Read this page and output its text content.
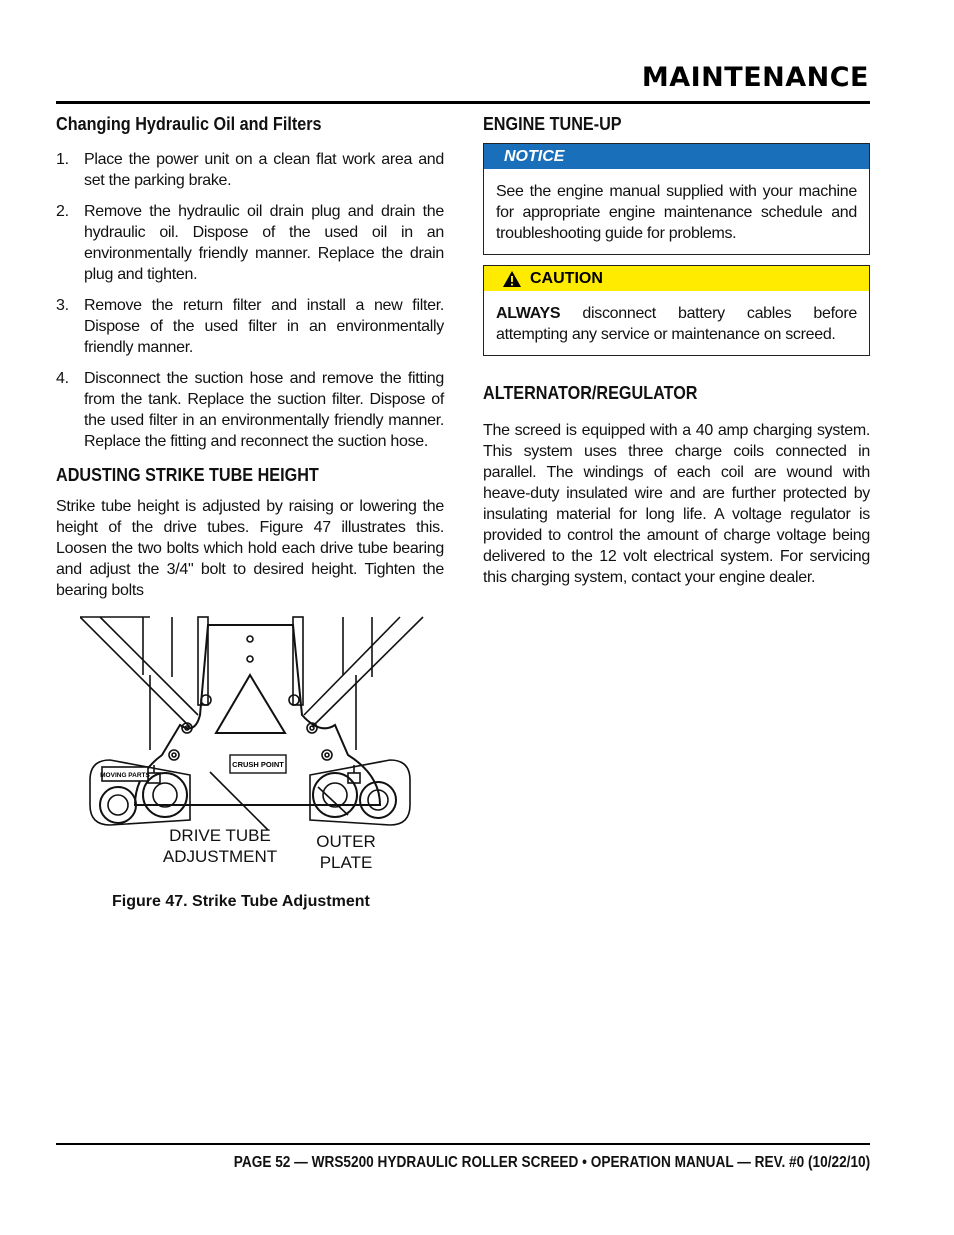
MAINTENANCE
Changing Hydraulic Oil and Filters
1. Place the power unit on a clean flat work area and set the parking brake.
2. Remove the hydraulic oil drain plug and drain the hydraulic oil. Dispose of the used oil in an environmentally friendly manner. Replace the drain plug and tighten.
3. Remove the return filter and install a new filter. Dispose of the used filter in an environmentally friendly manner.
4. Disconnect the suction hose and remove the fitting from the tank. Replace the suction filter. Dispose of the used filter in an environmentally friendly manner. Replace the fitting and reconnect the suction hose.
ADUSTING STRIKE TUBE HEIGHT

Strike tube height is adjusted by raising or lowering the height of the drive tubes. Figure 47 illustrates this. Loosen the two bolts which hold each drive tube bearing and adjust the 3/4" bolt to desired height. Tighten the bearing bolts

MOVING PARTS
CRUSH POINT
DRIVE TUBE
ADJUSTMENT
OUTER
PLATE
Figure 47. Strike Tube Adjustment
ENGINE TUNE-UP
NOTICE
See the engine manual supplied with your machine for appropriate engine maintenance schedule and troubleshooting guide for problems.
CAUTION
ALWAYS disconnect battery cables before attempting any service or maintenance on screed.
ALTERNATOR/REGULATOR

The screed is equipped with a 40 amp charging system. This system uses three charge coils connected in parallel. The windings of each coil are wound with heave-duty insulated wire and are further protected by insulating material for long life. A voltage regulator is provided to control the amount of charge voltage being delivered to the 12 volt electrical system. For servicing this charging system, contact your engine dealer.

PAGE 52 — WRS5200 HYDRAULIC ROLLER SCREED • OPERATION MANUAL — REV. #0 (10/22/10)
